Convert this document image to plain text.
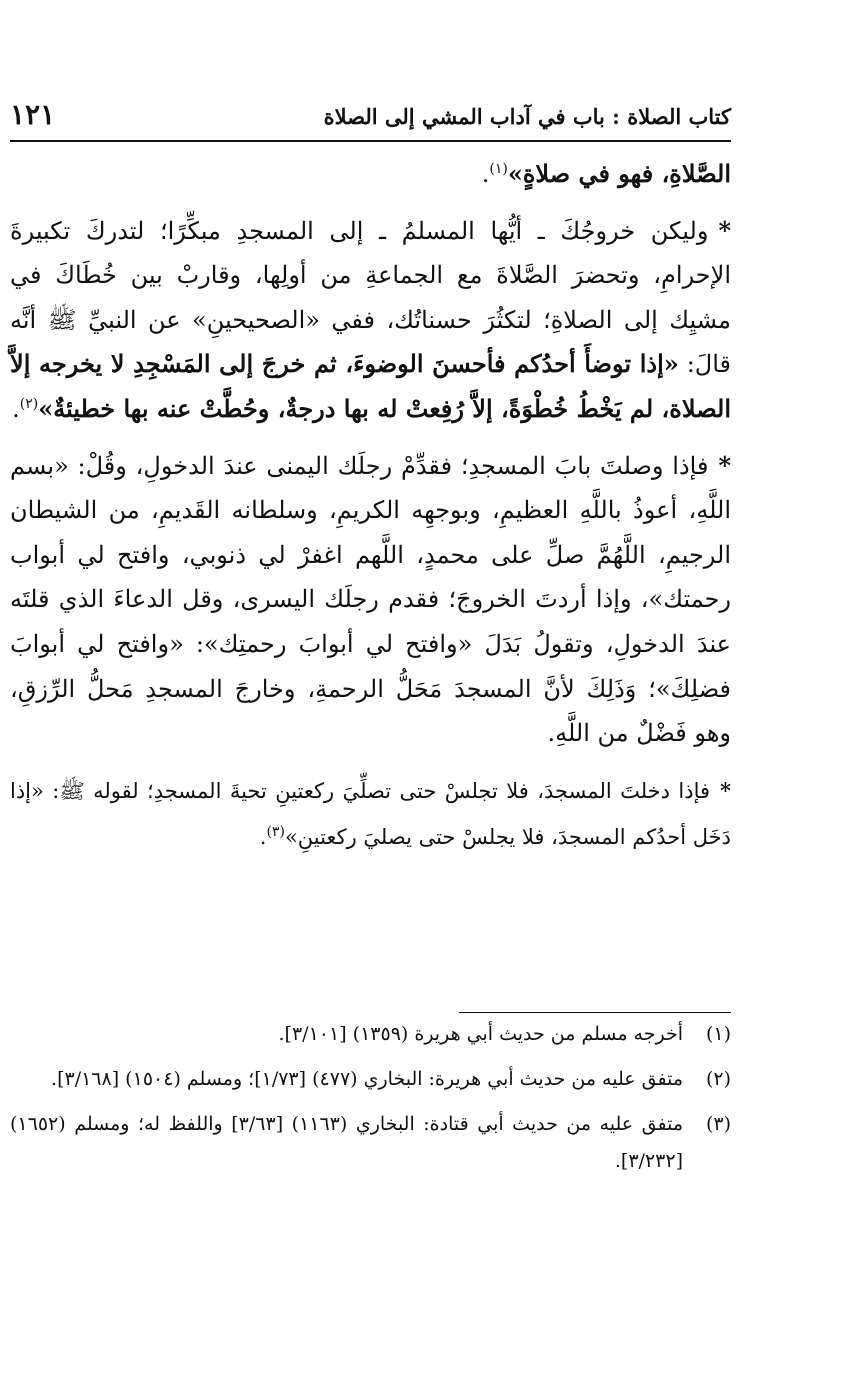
كتاب الصلاة : باب في آداب المشي إلى الصلاة
١٢١

الصَّلاةِ، فهو في صلاةٍ»$^{(١)}$.

*وليكن خروجُكَ ـ أيُّها المسلمُ ـ إلى المسجدِ مبكِّرًا؛ لتدركَ تكبيرةَ الإحرامِ، وتحضرَ الصَّلاةَ مع الجماعةِ من أولِها، وقاربْ بين خُطَاكَ في مشيِك إلى الصلاةِ؛ لتكثُرَ حسناتُك، ففي «الصحيحينِ» عن النبيِّ ﷺ أنَّه قالَ: «إذا توضأَ أحدُكم فأحسنَ الوضوءَ، ثم خرجَ إلى المَسْجِدِ لا يخرجه إلاَّ الصلاة، لم يَخْطُ خُطْوَةً، إلاَّ رُفِعتْ له بها درجةٌ، وحُطَّتْ عنه بها خطيئةٌ»$^{(٢)}$.

*فإذا وصلتَ بابَ المسجدِ؛ فقدِّمْ رجلَك اليمنى عندَ الدخولِ، وقُلْ: «بسم اللَّهِ، أعوذُ باللَّهِ العظيمِ، وبوجهِه الكريمِ، وسلطانه القَديمِ، من الشيطان الرجيمِ، اللَّهُمَّ صلِّ على محمدٍ، اللَّهم اغفرْ لي ذنوبي، وافتح لي أبواب رحمتك»، وإذا أردتَ الخروجَ؛ فقدم رجلَك اليسرى، وقل الدعاءَ الذي قلتَه عندَ الدخولِ، وتقولُ بَدَلَ «وافتح لي أبوابَ رحمتِك»: «وافتح لي أبوابَ فضلِكَ»؛ وَذَلِكَ لأنَّ المسجدَ مَحَلُّ الرحمةِ، وخارجَ المسجدِ مَحلُّ الرِّزقِ، وهو فَضْلٌ من اللَّهِ.

*فإذا دخلتَ المسجدَ، فلا تجلسْ حتى تصلِّيَ ركعتينِ تحيةَ المسجدِ؛ لقوله ﷺ: «إذا دَخَل أحدُكم المسجدَ، فلا يجلسْ حتى يصليَ ركعتينِ»$^{(٣)}$.

(١)
أخرجه مسلم من حديث أبي هريرة (١٣٥٩) [٣/١٠١].

(٢)
متفق عليه من حديث أبي هريرة: البخاري (٤٧٧) [١/٧٣]؛ ومسلم (١٥٠٤) [٣/١٦٨].

(٣)
متفق عليه من حديث أبي قتادة: البخاري (١١٦٣) [٣/٦٣] واللفظ له؛ ومسلم (١٦٥٢) [٣/٢٣٢].
